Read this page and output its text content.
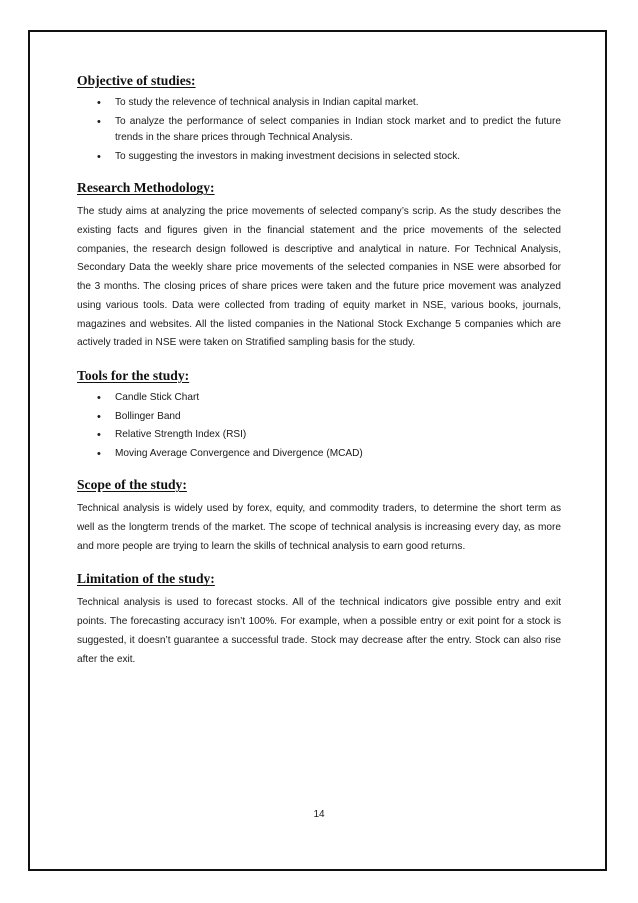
Objective of studies:
• To study the relevence of technical analysis in Indian capital market.
• To analyze the performance of select companies in Indian stock market and to predict the future trends in the share prices through Technical Analysis.
• To suggesting the investors in making investment decisions in selected stock.
Research Methodology:

The study aims at analyzing the price movements of selected company’s scrip. As the study describes the existing facts and figures given in the financial statement and the price movements of the selected companies, the research design followed is descriptive and analytical in nature. For Technical Analysis, Secondary Data the weekly share price movements of the selected companies in NSE were absorbed for the 3 months. The closing prices of share prices were taken and the future price movement was analyzed using various tools. Data were collected from trading of equity market in NSE, various books, journals, magazines and websites. All the listed companies in the National Stock Exchange 5 companies which are actively traded in NSE were taken on Stratified sampling basis for the study.

Tools for the study:
• Candle Stick Chart
• Bollinger Band
• Relative Strength Index (RSI)
• Moving Average Convergence and Divergence (MCAD)
Scope of the study:

Technical analysis is widely used by forex, equity, and commodity traders, to determine the short term as well as the longterm trends of the market. The scope of technical analysis is increasing every day, as more and more people are trying to learn the skills of technical analysis to earn good returns.

Limitation of the study:

Technical analysis is used to forecast stocks. All of the technical indicators give possible entry and exit points. The forecasting accuracy isn’t 100%. For example, when a possible entry or exit point for a stock is suggested, it doesn’t guarantee a successful trade. Stock may decrease after the entry. Stock can also rise after the exit.

14
